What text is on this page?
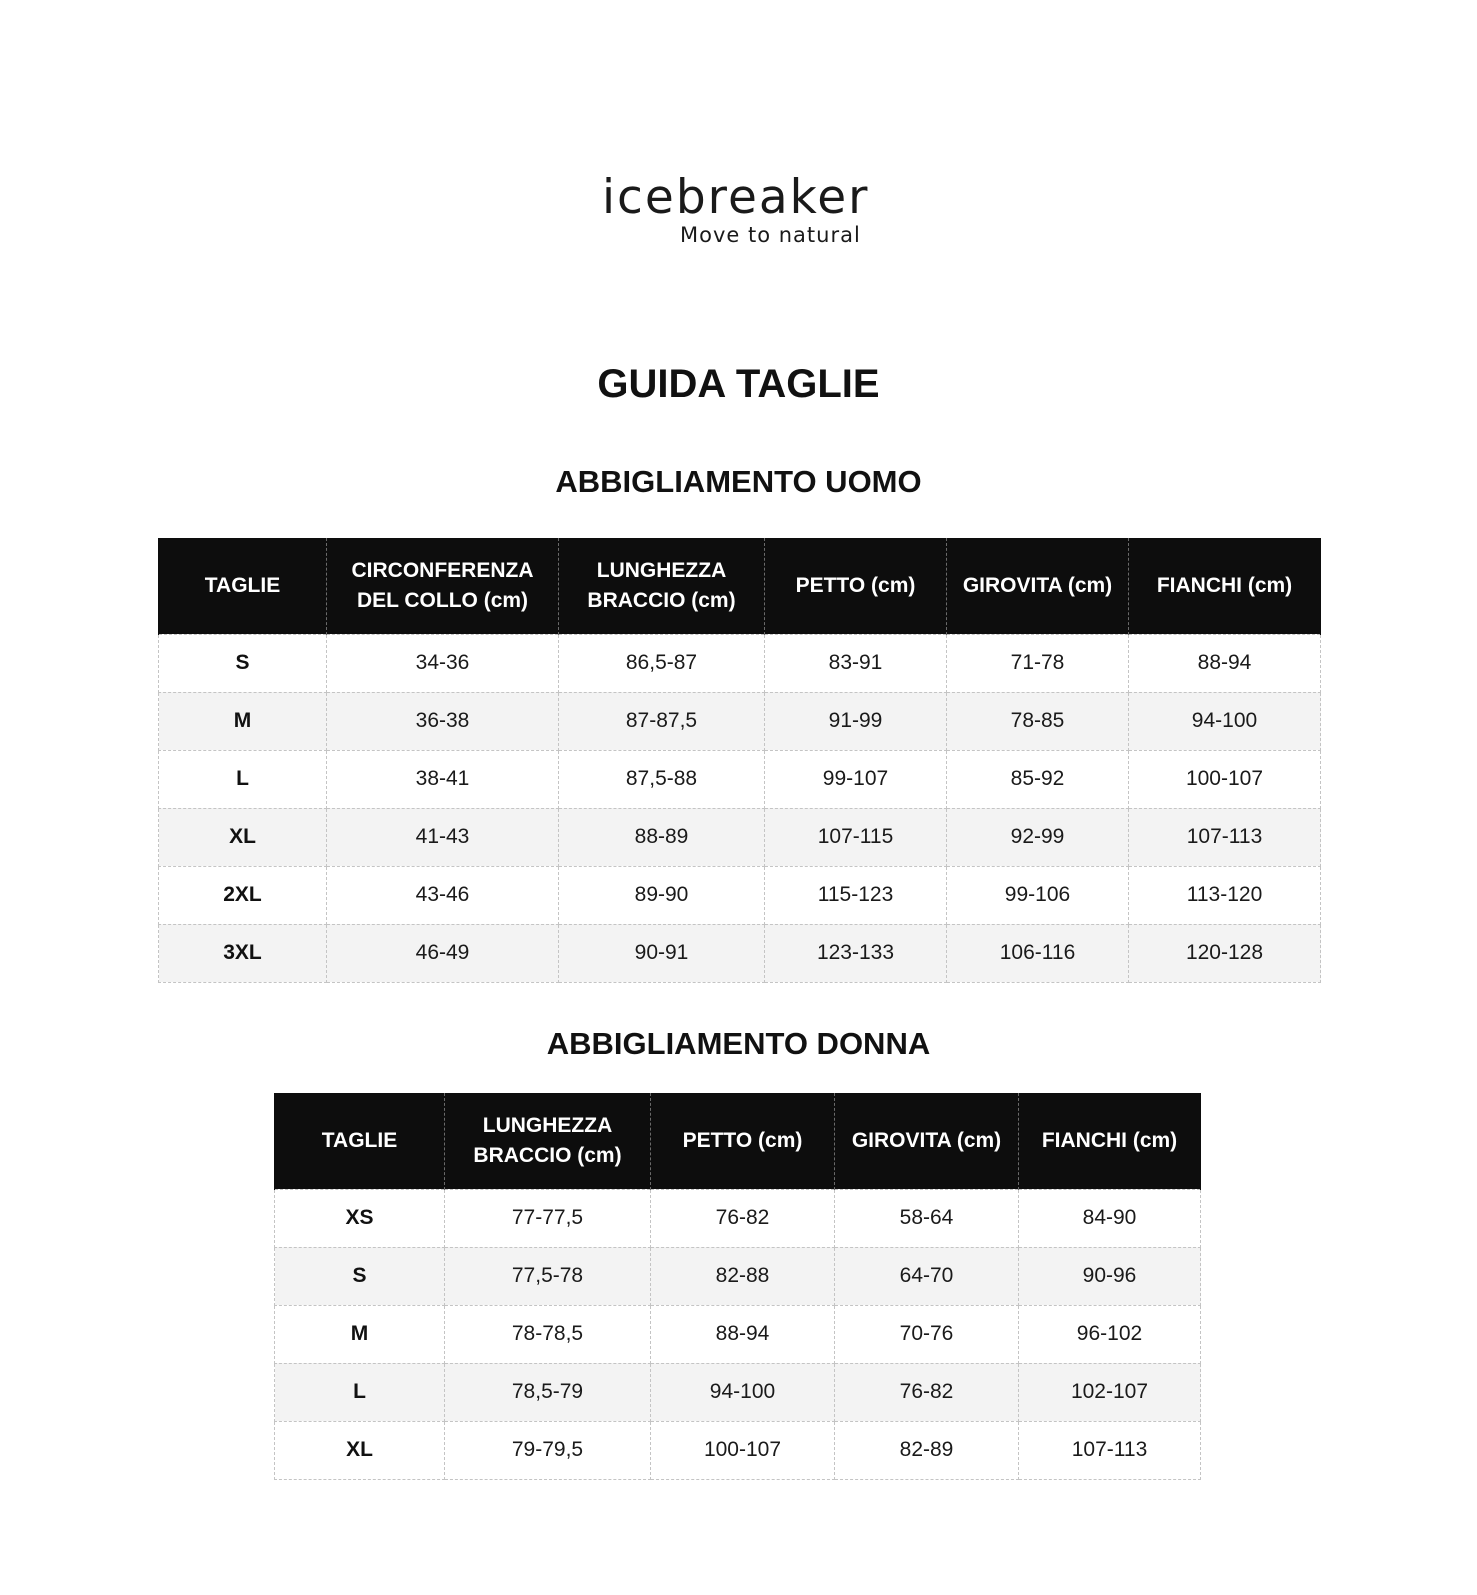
icebreaker
Move to natural
GUIDA TAGLIE
ABBIGLIAMENTO UOMO
TAGLIE	CIRCONFERENZA DEL COLLO (cm)	LUNGHEZZA BRACCIO (cm)	PETTO (cm)	GIROVITA (cm)	FIANCHI (cm)
S	34-36	86,5-87	83-91	71-78	88-94
M	36-38	87-87,5	91-99	78-85	94-100
L	38-41	87,5-88	99-107	85-92	100-107
XL	41-43	88-89	107-115	92-99	107-113
2XL	43-46	89-90	115-123	99-106	113-120
3XL	46-49	90-91	123-133	106-116	120-128
ABBIGLIAMENTO DONNA
TAGLIE	LUNGHEZZA BRACCIO (cm)	PETTO (cm)	GIROVITA (cm)	FIANCHI (cm)
XS	77-77,5	76-82	58-64	84-90
S	77,5-78	82-88	64-70	90-96
M	78-78,5	88-94	70-76	96-102
L	78,5-79	94-100	76-82	102-107
XL	79-79,5	100-107	82-89	107-113
